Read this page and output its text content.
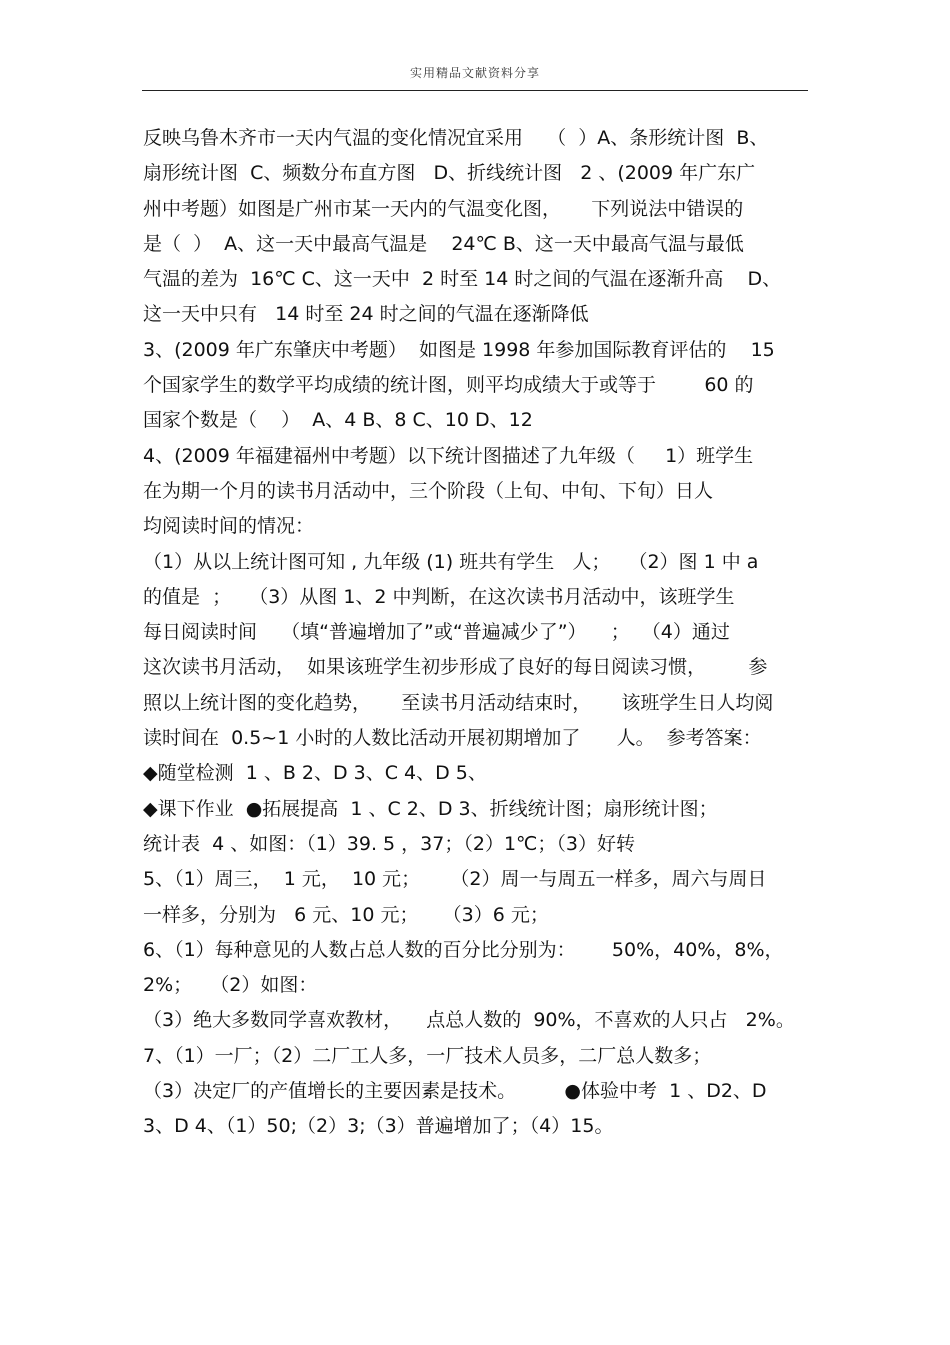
实用精品文献资料分享
反映乌鲁木齐市一天内气温的变化情况宜采用    （  ）A、条形统计图  B、
扇形统计图  C、频数分布直方图   D、折线统计图   2 、(2009 年广东广
州中考题）如图是广州市某一天内的气温变化图，     下列说法中错误的
是（  ）  A、这一天中最高气温是    24℃ B、这一天中最高气温与最低
气温的差为  16℃ C、这一天中  2 时至 14 时之间的气温在逐渐升高    D、
这一天中只有   14 时至 24 时之间的气温在逐渐降低
3、(2009 年广东肇庆中考题）  如图是 1998 年参加国际教育评估的    15
个国家学生的数学平均成绩的统计图，则平均成绩大于或等于        60 的
国家个数是（    ）  A、4 B、8 C、10 D、12
4、(2009 年福建福州中考题）以下统计图描述了九年级（     1）班学生
在为期一个月的读书月活动中，三个阶段（上旬、中旬、下旬）日人
均阅读时间的情况：
（1）从以上统计图可知 , 九年级 (1) 班共有学生   人；   （2）图 1 中 a
的值是  ；   （3）从图 1、2 中判断，在这次读书月活动中，该班学生
每日阅读时间    （填“普遍增加了”或“普遍减少了”）    ；  （4）通过
这次读书月活动，  如果该班学生初步形成了良好的每日阅读习惯，       参
照以上统计图的变化趋势，     至读书月活动结束时，     该班学生日人均阅
读时间在  0.5~1 小时的人数比活动开展初期增加了      人。  参考答案：
◆随堂检测  1 、B 2、D 3、C 4、D 5、
◆课下作业  ●拓展提高  1 、C 2、D 3、折线统计图；扇形统计图；
统计表  4 、如图：（1）39. 5 ，37；（2）1℃；（3）好转
5、（1）周三，  1 元，  10 元；     （2）周一与周五一样多，周六与周日
一样多，分别为   6 元、10 元；    （3）6 元；
6、（1）每种意见的人数占总人数的百分比分别为：      50%，40%，8%，
2%；   （2）如图：
（3）绝大多数同学喜欢教材，    点总人数的  90%，不喜欢的人只占   2%。
7、（1）一厂；（2）二厂工人多，一厂技术人员多，二厂总人数多；
（3）决定厂的产值增长的主要因素是技术。        ●体验中考  1 、D2、D
3、D 4、（1）50;（2）3;（3）普遍增加了；（4）15。
